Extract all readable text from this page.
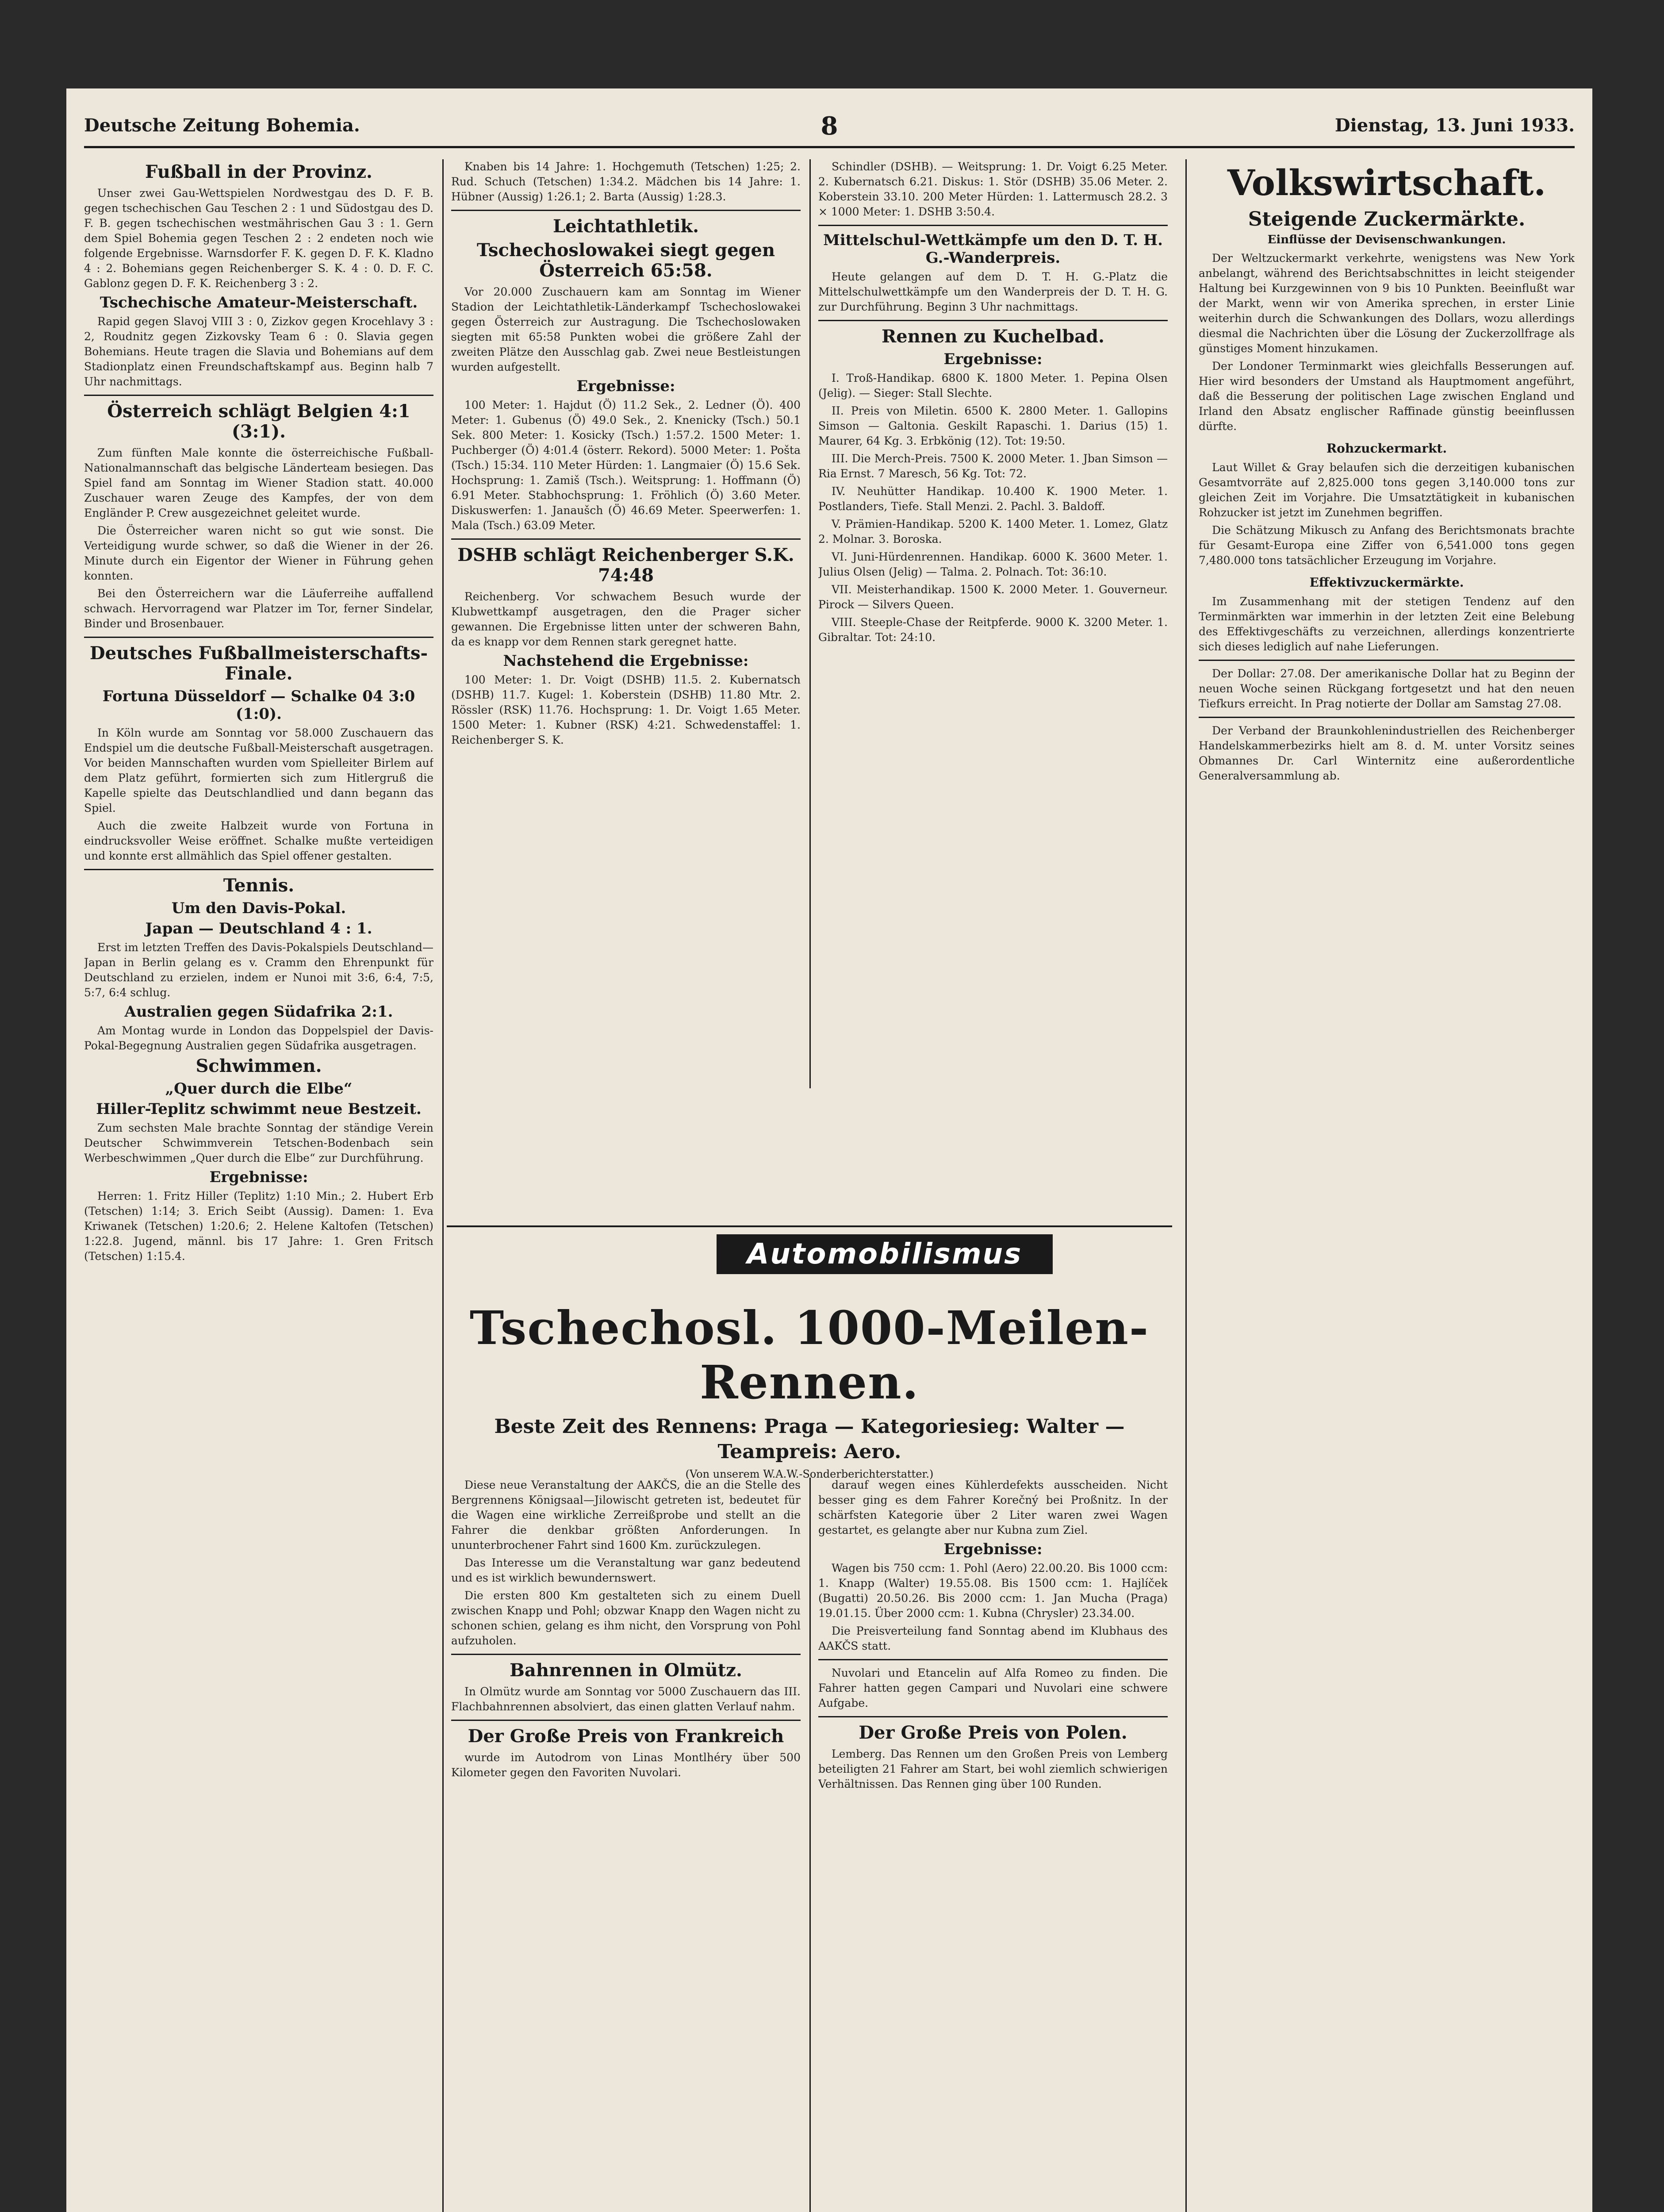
Deutsche Zeitung Bohemia.	8	Dienstag, 13. Juni 1933.
Fußball in der Provinz.

Unser zwei Gau-Wettspielen Nordwestgau des D. F. B. gegen tschechischen Gau Teschen 2 : 1 und Südostgau des D. F. B. gegen tschechischen westmährischen Gau 3 : 1. Gern dem Spiel Bohemia gegen Teschen 2 : 2 endeten noch wie folgende Ergebnisse. Warnsdorfer F. K. gegen D. F. K. Kladno 4 : 2. Bohemians gegen Reichenberger S. K. 4 : 0. D. F. C. Gablonz gegen D. F. K. Reichenberg 3 : 2.

Tschechische Amateur-Meisterschaft.

Rapid gegen Slavoj VIII 3 : 0, Zizkov gegen Krocehlavy 3 : 2, Roudnitz gegen Zizkovsky Team 6 : 0. Slavia gegen Bohemians. Heute tragen die Slavia und Bohemians auf dem Stadionplatz einen Freundschaftskampf aus. Beginn halb 7 Uhr nachmittags.

Österreich schlägt Belgien 4:1 (3:1).

Zum fünften Male konnte die österreichische Fußball-Nationalmannschaft das belgische Länderteam besiegen. Das Spiel fand am Sonntag im Wiener Stadion statt. 40.000 Zuschauer waren Zeuge des Kampfes, der von dem Engländer P. Crew ausgezeichnet geleitet wurde.

Die Österreicher waren nicht so gut wie sonst. Die Verteidigung wurde schwer, so daß die Wiener in der 26. Minute durch ein Eigentor der Wiener in Führung gehen konnten.

Bei den Österreichern war die Läuferreihe auffallend schwach. Hervorragend war Platzer im Tor, ferner Sindelar, Binder und Brosenbauer.

Deutsches Fußballmeisterschafts-Finale.
Fortuna Düsseldorf — Schalke 04 3:0 (1:0).

In Köln wurde am Sonntag vor 58.000 Zuschauern das Endspiel um die deutsche Fußball-Meisterschaft ausgetragen. Vor beiden Mannschaften wurden vom Spielleiter Birlem auf dem Platz geführt, formierten sich zum Hitlergruß die Kapelle spielte das Deutschlandlied und dann begann das Spiel.

Auch die zweite Halbzeit wurde von Fortuna in eindrucksvoller Weise eröffnet. Schalke mußte verteidigen und konnte erst allmählich das Spiel offener gestalten.

Tennis.
Um den Davis-Pokal.
Japan — Deutschland 4 : 1.

Erst im letzten Treffen des Davis-Pokalspiels Deutschland—Japan in Berlin gelang es v. Cramm den Ehrenpunkt für Deutschland zu erzielen, indem er Nunoi mit 3:6, 6:4, 7:5, 5:7, 6:4 schlug.

Australien gegen Südafrika 2:1.

Am Montag wurde in London das Doppelspiel der Davis-Pokal-Begegnung Australien gegen Südafrika ausgetragen.

Schwimmen.
„Quer durch die Elbe“
Hiller-Teplitz schwimmt neue Bestzeit.

Zum sechsten Male brachte Sonntag der ständige Verein Deutscher Schwimmverein Tetschen-Bodenbach sein Werbeschwimmen „Quer durch die Elbe“ zur Durchführung.

Ergebnisse:

Herren: 1. Fritz Hiller (Teplitz) 1:10 Min.; 2. Hubert Erb (Tetschen) 1:14; 3. Erich Seibt (Aussig). Damen: 1. Eva Kriwanek (Tetschen) 1:20.6; 2. Helene Kaltofen (Tetschen) 1:22.8. Jugend, männl. bis 17 Jahre: 1. Gren Fritsch (Tetschen) 1:15.4.

Knaben bis 14 Jahre: 1. Hochgemuth (Tetschen) 1:25; 2. Rud. Schuch (Tetschen) 1:34.2. Mädchen bis 14 Jahre: 1. Hübner (Aussig) 1:26.1; 2. Barta (Aussig) 1:28.3.

Leichtathletik.
Tschechoslowakei siegt gegen Österreich 65:58.

Vor 20.000 Zuschauern kam am Sonntag im Wiener Stadion der Leichtathletik-Länderkampf Tschechoslowakei gegen Österreich zur Austragung. Die Tschechoslowaken siegten mit 65:58 Punkten wobei die größere Zahl der zweiten Plätze den Ausschlag gab. Zwei neue Bestleistungen wurden aufgestellt.

Ergebnisse:

100 Meter: 1. Hajdut (Ö) 11.2 Sek., 2. Ledner (Ö). 400 Meter: 1. Gubenus (Ö) 49.0 Sek., 2. Knenicky (Tsch.) 50.1 Sek. 800 Meter: 1. Kosicky (Tsch.) 1:57.2. 1500 Meter: 1. Puchberger (Ö) 4:01.4 (österr. Rekord). 5000 Meter: 1. Pošta (Tsch.) 15:34. 110 Meter Hürden: 1. Langmaier (Ö) 15.6 Sek. Hochsprung: 1. Zamiš (Tsch.). Weitsprung: 1. Hoffmann (Ö) 6.91 Meter. Stabhochsprung: 1. Fröhlich (Ö) 3.60 Meter. Diskuswerfen: 1. Janaušch (Ö) 46.69 Meter. Speerwerfen: 1. Mala (Tsch.) 63.09 Meter.

DSHB schlägt Reichenberger S.K. 74:48

Reichenberg. Vor schwachem Besuch wurde der Klubwettkampf ausgetragen, den die Prager sicher gewannen. Die Ergebnisse litten unter der schweren Bahn, da es knapp vor dem Rennen stark geregnet hatte.

Nachstehend die Ergebnisse:

100 Meter: 1. Dr. Voigt (DSHB) 11.5. 2. Kubernatsch (DSHB) 11.7. Kugel: 1. Koberstein (DSHB) 11.80 Mtr. 2. Rössler (RSK) 11.76. Hochsprung: 1. Dr. Voigt 1.65 Meter. 1500 Meter: 1. Kubner (RSK) 4:21. Schwedenstaffel: 1. Reichenberger S. K.

Schindler (DSHB). — Weitsprung: 1. Dr. Voigt 6.25 Meter. 2. Kubernatsch 6.21. Diskus: 1. Stör (DSHB) 35.06 Meter. 2. Koberstein 33.10. 200 Meter Hürden: 1. Lattermusch 28.2. 3 × 1000 Meter: 1. DSHB 3:50.4.

Mittelschul-Wettkämpfe um den D. T. H. G.-Wanderpreis.

Heute gelangen auf dem D. T. H. G.-Platz die Mittelschulwettkämpfe um den Wanderpreis der D. T. H. G. zur Durchführung. Beginn 3 Uhr nachmittags.

Rennen zu Kuchelbad.
Ergebnisse:

I. Troß-Handikap. 6800 K. 1800 Meter. 1. Pepina Olsen (Jelig). — Sieger: Stall Slechte.

II. Preis von Miletin. 6500 K. 2800 Meter. 1. Gallopins Simson — Galtonia. Geskilt Rapaschi. 1. Darius (15) 1. Maurer, 64 Kg. 3. Erbkönig (12). Tot: 19:50.

III. Die Merch-Preis. 7500 K. 2000 Meter. 1. Jban Simson — Ria Ernst. 7 Maresch, 56 Kg. Tot: 72.

IV. Neuhütter Handikap. 10.400 K. 1900 Meter. 1. Postlanders, Tiefe. Stall Menzi. 2. Pachl. 3. Baldoff.

V. Prämien-Handikap. 5200 K. 1400 Meter. 1. Lomez, Glatz 2. Molnar. 3. Boroska.

VI. Juni-Hürdenrennen. Handikap. 6000 K. 3600 Meter. 1. Julius Olsen (Jelig) — Talma. 2. Polnach. Tot: 36:10.

VII. Meisterhandikap. 1500 K. 2000 Meter. 1. Gouverneur. Pirock — Silvers Queen.

VIII. Steeple-Chase der Reitpferde. 9000 K. 3200 Meter. 1. Gibraltar. Tot: 24:10.

Automobilismus
Tschechosl. 1000-Meilen-Rennen.
Beste Zeit des Rennens: Praga — Kategoriesieg: Walter — Teampreis: Aero.
(Von unserem W.A.W.-Sonderberichterstatter.)

Diese neue Veranstaltung der AAKČS, die an die Stelle des Bergrennens Königsaal—Jilowischt getreten ist, bedeutet für die Wagen eine wirkliche Zerreißprobe und stellt an die Fahrer die denkbar größten Anforderungen. In ununterbrochener Fahrt sind 1600 Km. zurückzulegen.

Das Interesse um die Veranstaltung war ganz bedeutend und es ist wirklich bewundernswert.

Die ersten 800 Km gestalteten sich zu einem Duell zwischen Knapp und Pohl; obzwar Knapp den Wagen nicht zu schonen schien, gelang es ihm nicht, den Vorsprung von Pohl aufzuholen.

Bahnrennen in Olmütz.

In Olmütz wurde am Sonntag vor 5000 Zuschauern das III. Flachbahnrennen absolviert, das einen glatten Verlauf nahm.

Der Große Preis von Frankreich

wurde im Autodrom von Linas Montlhéry über 500 Kilometer gegen den Favoriten Nuvolari.

darauf wegen eines Kühlerdefekts ausscheiden. Nicht besser ging es dem Fahrer Korečný bei Proßnitz. In der schärfsten Kategorie über 2 Liter waren zwei Wagen gestartet, es gelangte aber nur Kubna zum Ziel.

Ergebnisse:

Wagen bis 750 ccm: 1. Pohl (Aero) 22.00.20. Bis 1000 ccm: 1. Knapp (Walter) 19.55.08. Bis 1500 ccm: 1. Hajlíček (Bugatti) 20.50.26. Bis 2000 ccm: 1. Jan Mucha (Praga) 19.01.15. Über 2000 ccm: 1. Kubna (Chrysler) 23.34.00.

Die Preisverteilung fand Sonntag abend im Klubhaus des AAKČS statt.

Nuvolari und Etancelin auf Alfa Romeo zu finden. Die Fahrer hatten gegen Campari und Nuvolari eine schwere Aufgabe.

Der Große Preis von Polen.

Lemberg. Das Rennen um den Großen Preis von Lemberg beteiligten 21 Fahrer am Start, bei wohl ziemlich schwierigen Verhältnissen. Das Rennen ging über 100 Runden.

Volkswirtschaft.
Steigende Zuckermärkte.
Einflüsse der Devisenschwankungen.

Der Weltzuckermarkt verkehrte, wenigstens was New York anbelangt, während des Berichtsabschnittes in leicht steigender Haltung bei Kurzgewinnen von 9 bis 10 Punkten. Beeinflußt war der Markt, wenn wir von Amerika sprechen, in erster Linie weiterhin durch die Schwankungen des Dollars, wozu allerdings diesmal die Nachrichten über die Lösung der Zuckerzollfrage als günstiges Moment hinzukamen.

Der Londoner Terminmarkt wies gleichfalls Besserungen auf. Hier wird besonders der Umstand als Hauptmoment angeführt, daß die Besserung der politischen Lage zwischen England und Irland den Absatz englischer Raffinade günstig beeinflussen dürfte.

Rohzuckermarkt.

Laut Willet & Gray belaufen sich die derzeitigen kubanischen Gesamtvorräte auf 2,825.000 tons gegen 3,140.000 tons zur gleichen Zeit im Vorjahre. Die Umsatztätigkeit in kubanischen Rohzucker ist jetzt im Zunehmen begriffen.

Die Schätzung Mikusch zu Anfang des Berichtsmonats brachte für Gesamt-Europa eine Ziffer von 6,541.000 tons gegen 7,480.000 tons tatsächlicher Erzeugung im Vorjahre.

Effektivzuckermärkte.

Im Zusammenhang mit der stetigen Tendenz auf den Terminmärkten war immerhin in der letzten Zeit eine Belebung des Effektivgeschäfts zu verzeichnen, allerdings konzentrierte sich dieses lediglich auf nahe Lieferungen.

Der Dollar: 27.08. Der amerikanische Dollar hat zu Beginn der neuen Woche seinen Rückgang fortgesetzt und hat den neuen Tiefkurs erreicht. In Prag notierte der Dollar am Samstag 27.08.

Der Verband der Braunkohlenindustriellen des Reichenberger Handelskammerbezirks hielt am 8. d. M. unter Vorsitz seines Obmannes Dr. Carl Winternitz eine außerordentliche Generalversammlung ab.
